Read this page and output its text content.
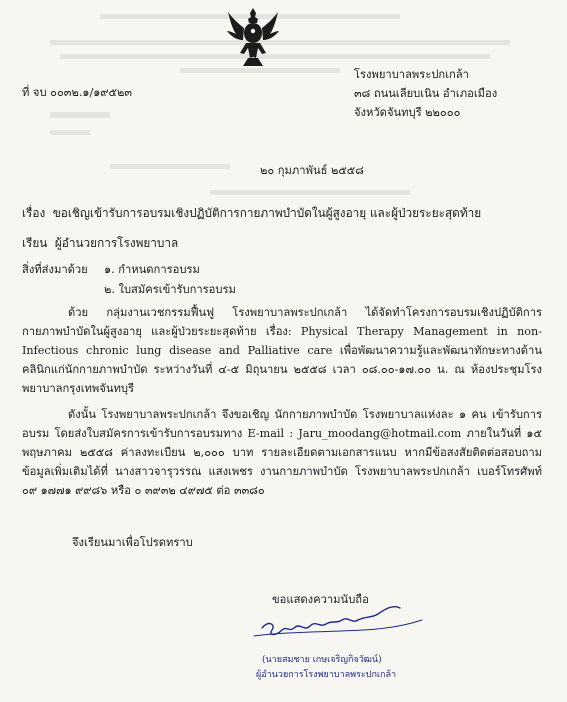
ที่ จบ ๐๐๓๒.๑/๑๙๕๒๓
โรงพยาบาลพระปกเกล้า
๓๘ ถนนเลียบเนิน อำเภอเมือง
จังหวัดจันทบุรี ๒๒๐๐๐
๒๐ กุมภาพันธ์ ๒๕๕๘
เรื่อง ขอเชิญเข้ารับการอบรมเชิงปฏิบัติการกายภาพบำบัดในผู้สูงอายุ และผู้ป่วยระยะสุดท้าย
เรียน ผู้อำนวยการโรงพยาบาล
สิ่งที่ส่งมาด้วย ๑. กำหนดการอบรม
๒. ใบสมัครเข้ารับการอบรม
ด้วย กลุ่มงานเวชกรรมฟื้นฟู โรงพยาบาลพระปกเกล้า ได้จัดทำโครงการอบรมเชิงปฏิบัติการกายภาพบำบัดในผู้สูงอายุ และผู้ป่วยระยะสุดท้าย เรื่อง: Physical Therapy Management in non-Infectious chronic lung disease and Palliative care เพื่อพัฒนาความรู้และพัฒนาทักษะทางด้านคลินิกแก่นักกายภาพบำบัด ระหว่างวันที่ ๔-๕ มิถุนายน ๒๕๕๘ เวลา ๐๘.๐๐-๑๗.๐๐ น. ณ ห้องประชุมโรงพยาบาลกรุงเทพจันทบุรี
ดังนั้น โรงพยาบาลพระปกเกล้า จึงขอเชิญ นักกายภาพบำบัด โรงพยาบาลแห่งละ ๑ คน เข้ารับการอบรม โดยส่งใบสมัครการเข้ารับการอบรมทาง E-mail : Jaru_moodang@hotmail.com ภายในวันที่ ๑๕ พฤษภาคม ๒๕๕๘ ค่าลงทะเบียน ๒,๐๐๐ บาท รายละเอียดตามเอกสารแนบ หากมีข้อสงสัยติดต่อสอบถามข้อมูลเพิ่มเติมได้ที่ นางสาวจารุวรรณ แสงเพชร งานกายภาพบำบัด โรงพยาบาลพระปกเกล้า เบอร์โทรศัพท์ ๐๙ ๑๗๗๑ ๙๙๘๖ หรือ ๐ ๓๙๓๒ ๔๙๗๕ ต่อ ๓๓๘๐
จึงเรียนมาเพื่อโปรดทราบ
ขอแสดงความนับถือ
(นายสมชาย เกษเจริญกิจวัฒน์)
ผู้อำนวยการโรงพยาบาลพระปกเกล้า
